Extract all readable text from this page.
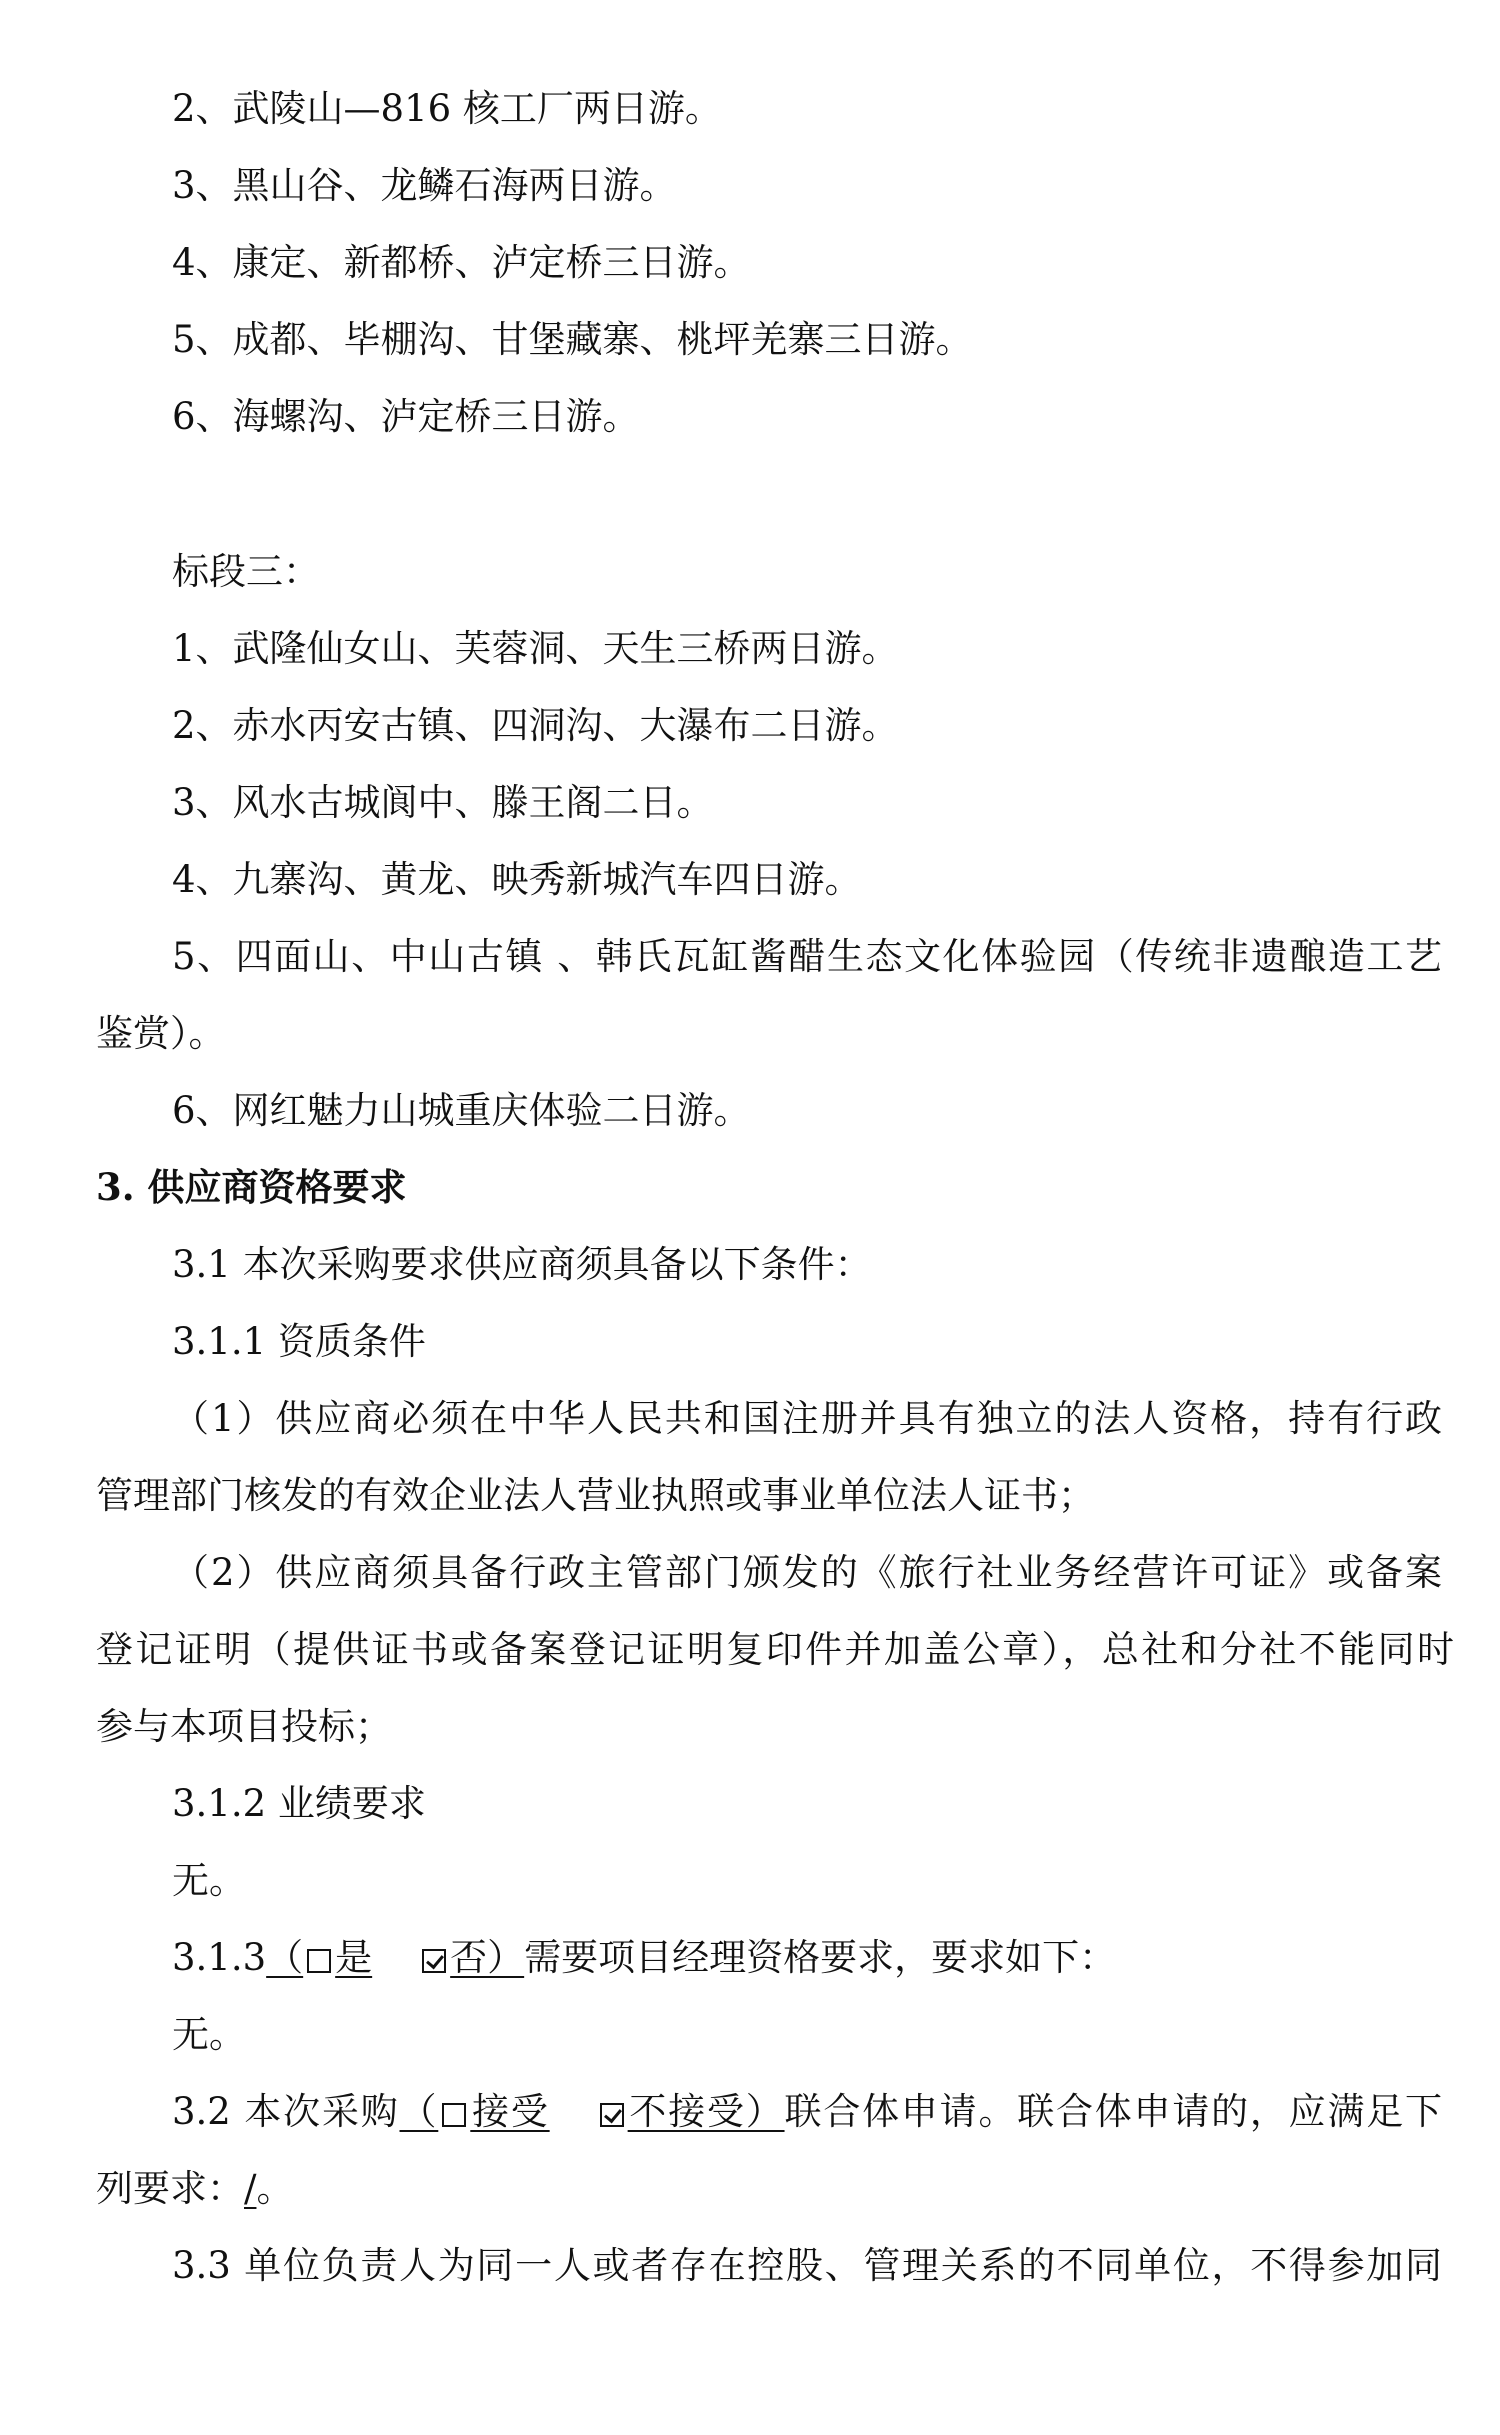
2、武陵山—816 核工厂两日游。

3、黑山谷、龙鳞石海两日游。

4、康定、新都桥、泸定桥三日游。

5、成都、毕棚沟、甘堡藏寨、桃坪羌寨三日游。

6、海螺沟、泸定桥三日游。

标段三：

1、武隆仙女山、芙蓉洞、天生三桥两日游。

2、赤水丙安古镇、四洞沟、大瀑布二日游。

3、风水古城阆中、滕王阁二日。

4、九寨沟、黄龙、映秀新城汽车四日游。

5、四面山、中山古镇 、韩氏瓦缸酱醋生态文化体验园（传统非遗酿造工艺

鉴赏）。

6、网红魅力山城重庆体验二日游。

3. 供应商资格要求

3.1 本次采购要求供应商须具备以下条件：

3.1.1 资质条件

（1）供应商必须在中华人民共和国注册并具有独立的法人资格，持有行政

管理部门核发的有效企业法人营业执照或事业单位法人证书；

（2）供应商须具备行政主管部门颁发的《旅行社业务经营许可证》或备案

登记证明（提供证书或备案登记证明复印件并加盖公章），总社和分社不能同时

参与本项目投标；

3.1.2 业绩要求

无。

3.1.3（ 是 否）需要项目经理资格要求，要求如下：

无。

3.2 本次采购（ 接受 不接受）联合体申请。联合体申请的，应满足下

列要求：/。

3.3 单位负责人为同一人或者存在控股、管理关系的不同单位，不得参加同
